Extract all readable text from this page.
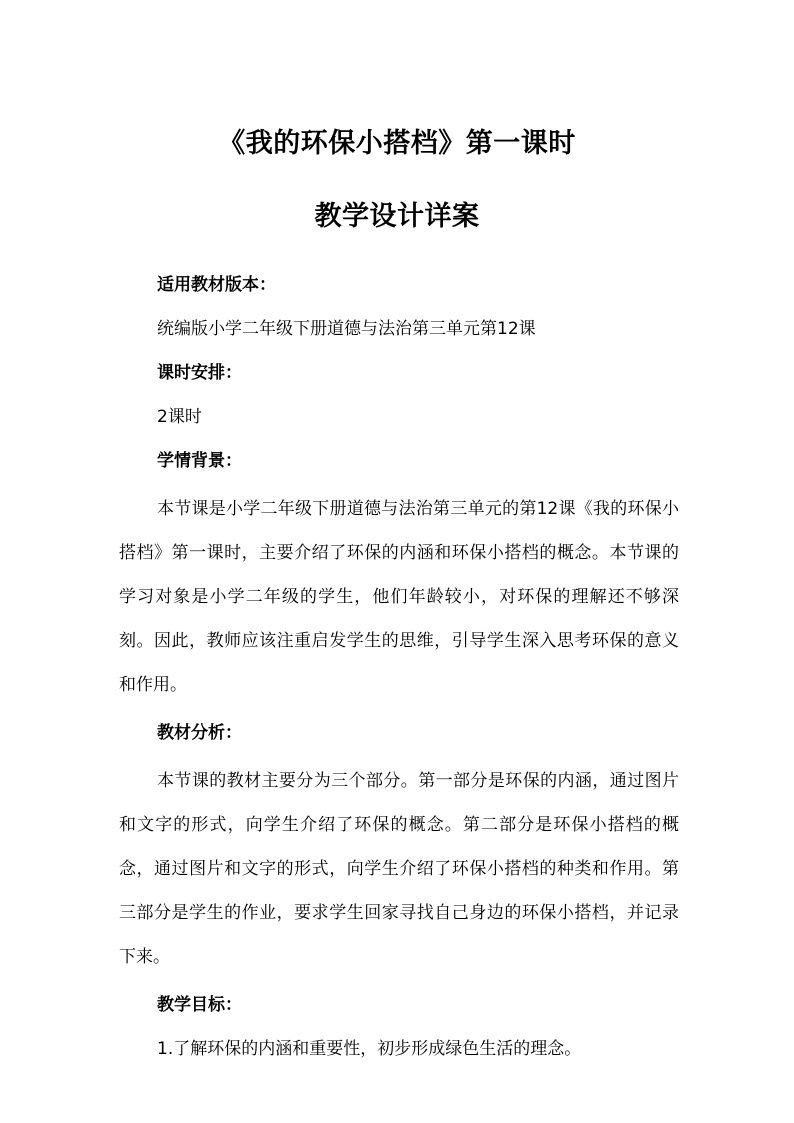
《我的环保小搭档》第一课时
教学设计详案

适用教材版本：

统编版小学二年级下册道德与法治第三单元第12课

课时安排：

2课时

学情背景：

本节课是小学二年级下册道德与法治第三单元的第12课《我的环保小搭档》第一课时，主要介绍了环保的内涵和环保小搭档的概念。本节课的学习对象是小学二年级的学生，他们年龄较小，对环保的理解还不够深刻。因此，教师应该注重启发学生的思维，引导学生深入思考环保的意义和作用。

教材分析：

本节课的教材主要分为三个部分。第一部分是环保的内涵，通过图片和文字的形式，向学生介绍了环保的概念。第二部分是环保小搭档的概念，通过图片和文字的形式，向学生介绍了环保小搭档的种类和作用。第三部分是学生的作业，要求学生回家寻找自己身边的环保小搭档，并记录下来。

教学目标：

1.了解环保的内涵和重要性，初步形成绿色生活的理念。
